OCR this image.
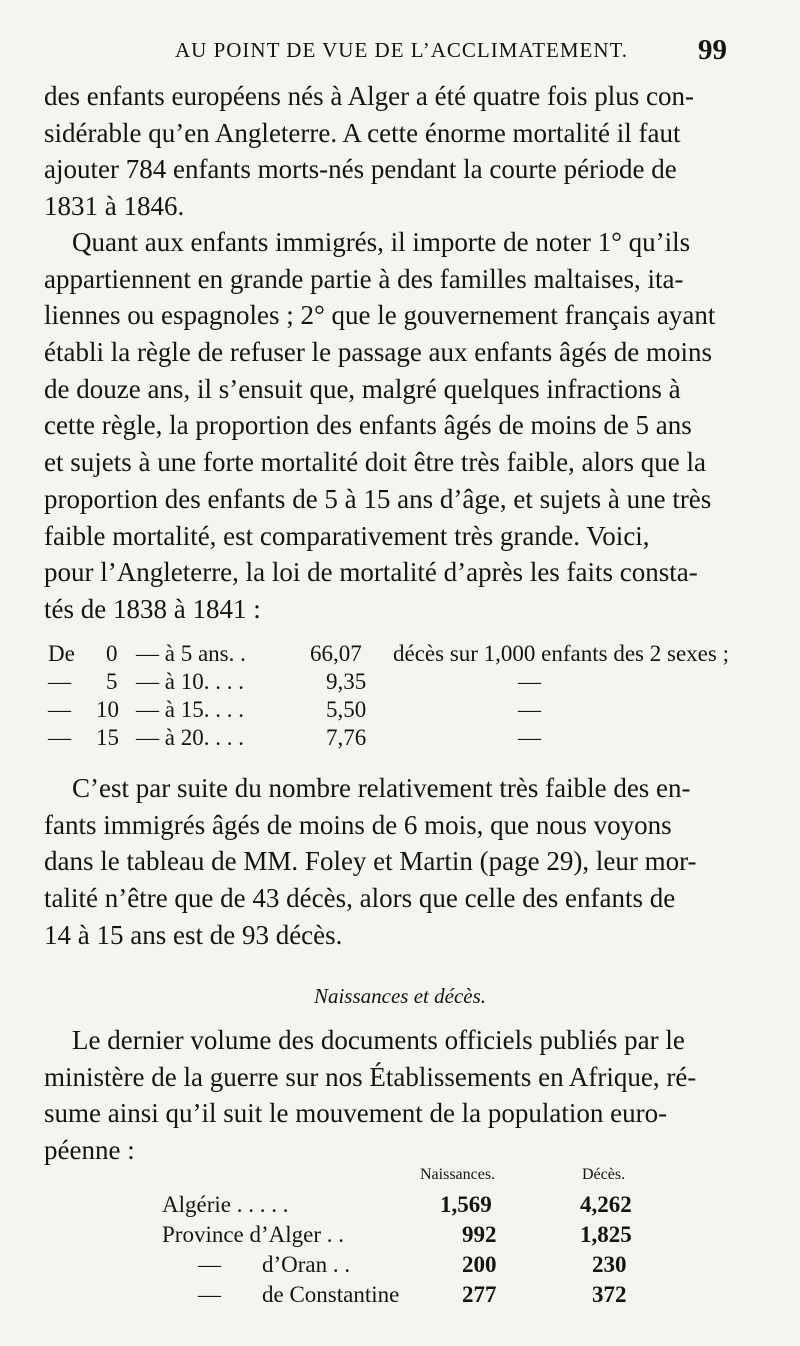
AU POINT DE VUE DE L’ACCLIMATEMENT. 99
des enfants européens nés à Alger a été quatre fois plus con-
sidérable qu’en Angleterre. A cette énorme mortalité il faut
ajouter 784 enfants morts-nés pendant la courte période de
1831 à 1846.
Quant aux enfants immigrés, il importe de noter 1° qu’ils
appartiennent en grande partie à des familles maltaises, ita-
liennes ou espagnoles ; 2° que le gouvernement français ayant
établi la règle de refuser le passage aux enfants âgés de moins
de douze ans, il s’ensuit que, malgré quelques infractions à
cette règle, la proportion des enfants âgés de moins de 5 ans
et sujets à une forte mortalité doit être très faible, alors que la
proportion des enfants de 5 à 15 ans d’âge, et sujets à une très
faible mortalité, est comparativement très grande. Voici,
pour l’Angleterre, la loi de mortalité d’après les faits consta-
tés de 1838 à 1841 :
De 0 — à 5 ans. .	66,07 décès sur 1,000 enfants des 2 sexes ;
— 5 — à 10. . . .	9,35	—
— 10 — à 15. . . .	5,50	—
— 15 — à 20. . . .	7,76	—
C’est par suite du nombre relativement très faible des en-
fants immigrés âgés de moins de 6 mois, que nous voyons
dans le tableau de MM. Foley et Martin (page 29), leur mor-
talité n’être que de 43 décès, alors que celle des enfants de
14 à 15 ans est de 93 décès.
Naissances et décès.
Le dernier volume des documents officiels publiés par le
ministère de la guerre sur nos Établissements en Afrique, ré-
sume ainsi qu’il suit le mouvement de la population euro-
péenne :
Naissances.	Décès.
Algérie . . . . .	1,569	4,262
Province d’Alger . .	992	1,825
— d’Oran . .	200	230
— de Constantine	277	372
